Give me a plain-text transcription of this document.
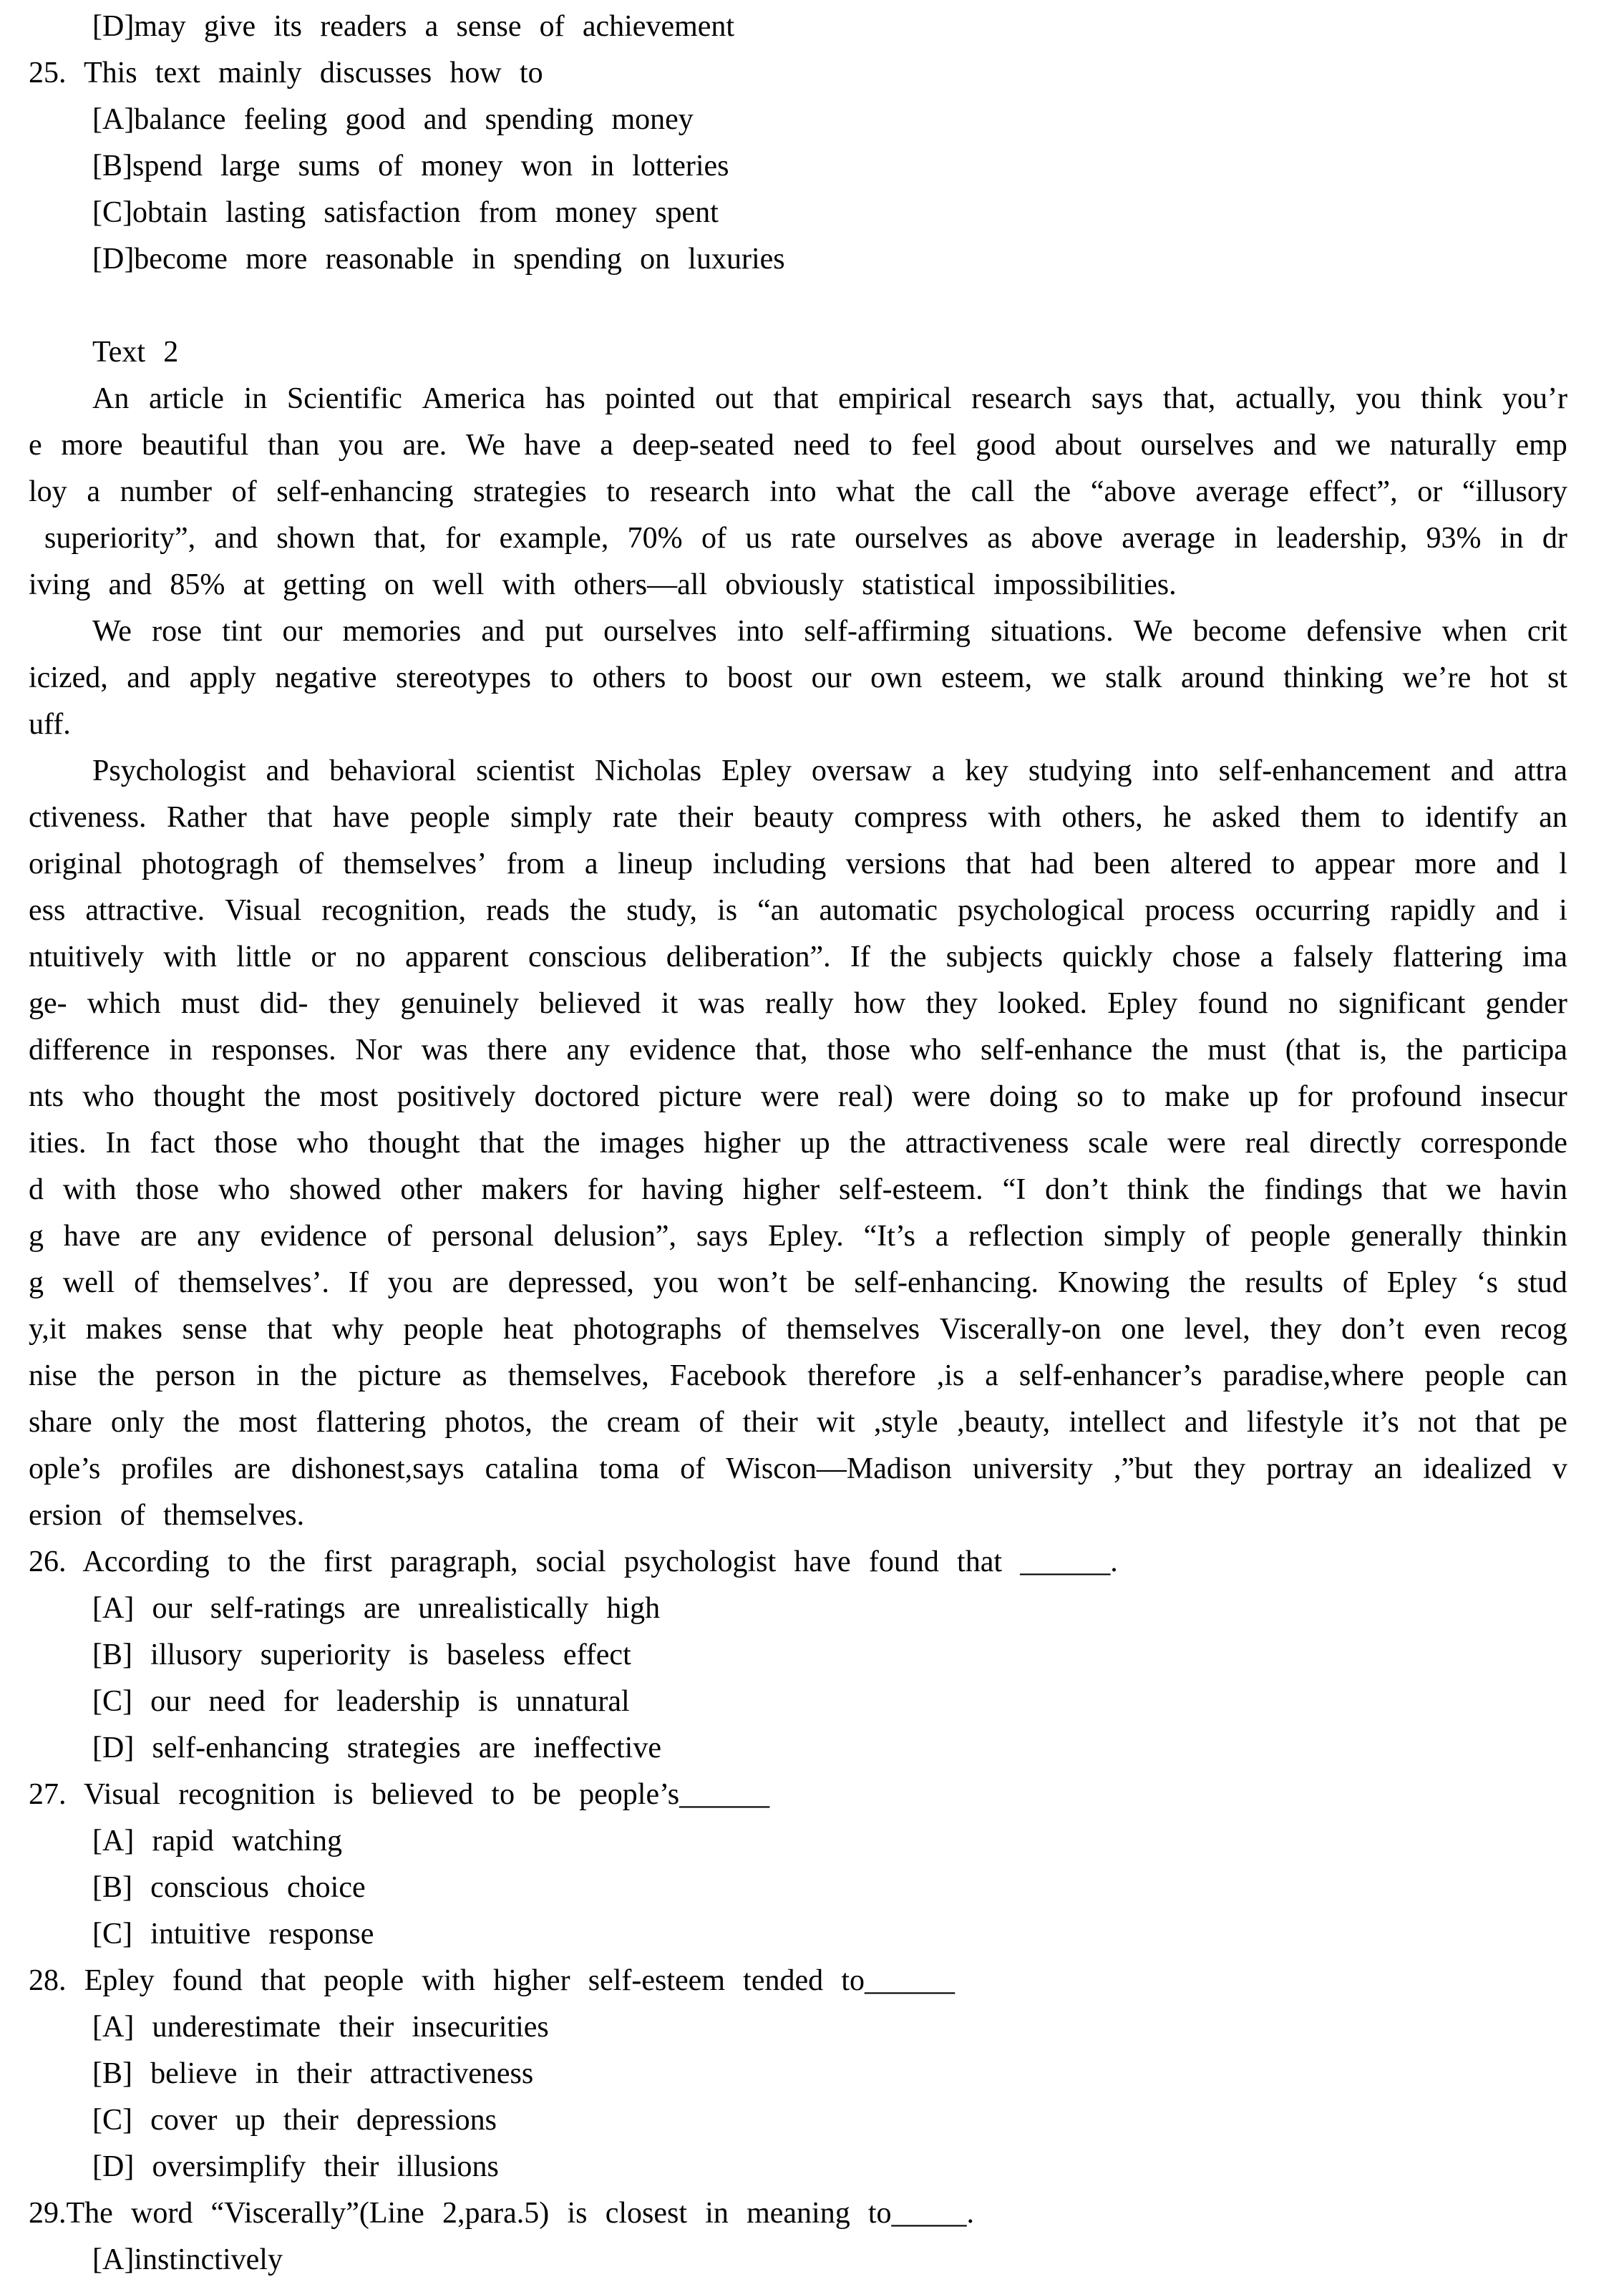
[D]may give its readers a sense of achievement
25. This text mainly discusses how to
[A]balance feeling good and spending money
[B]spend large sums of money won in lotteries
[C]obtain lasting satisfaction from money spent
[D]become more reasonable in spending on luxuries
Text 2
An article in Scientific America has pointed out that empirical research says that, actually, you think you’r
e more beautiful than you are. We have a deep-seated need to feel good about ourselves and we naturally emp
loy a number of self-enhancing strategies to research into what the call the “above average effect”, or “illusory
superiority”, and shown that, for example, 70% of us rate ourselves as above average in leadership, 93% in dr
iving and 85% at getting on well with others—all obviously statistical impossibilities.
We rose tint our memories and put ourselves into self-affirming situations. We become defensive when crit
icized, and apply negative stereotypes to others to boost our own esteem, we stalk around thinking we’re hot st
uff.
Psychologist and behavioral scientist Nicholas Epley oversaw a key studying into self-enhancement and attra
ctiveness. Rather that have people simply rate their beauty compress with others, he asked them to identify an
original photogragh of themselves’ from a lineup including versions that had been altered to appear more and l
ess attractive. Visual recognition, reads the study, is “an automatic psychological process occurring rapidly and i
ntuitively with little or no apparent conscious deliberation”. If the subjects quickly chose a falsely flattering ima
ge- which must did- they genuinely believed it was really how they looked. Epley found no significant gender
difference in responses. Nor was there any evidence that, those who self-enhance the must (that is, the participa
nts who thought the most positively doctored picture were real) were doing so to make up for profound insecur
ities. In fact those who thought that the images higher up the attractiveness scale were real directly corresponde
d with those who showed other makers for having higher self-esteem. “I don’t think the findings that we havin
g have are any evidence of personal delusion”, says Epley. “It’s a reflection simply of people generally thinkin
g well of themselves’. If you are depressed, you won’t be self-enhancing. Knowing the results of Epley ‘s stud
y,it makes sense that why people heat photographs of themselves Viscerally-on one level, they don’t even recog
nise the person in the picture as themselves, Facebook therefore ,is a self-enhancer’s paradise,where people can
share only the most flattering photos, the cream of their wit ,style ,beauty, intellect and lifestyle it’s not that pe
ople’s profiles are dishonest,says catalina toma of Wiscon—Madison university ,”but they portray an idealized v
ersion of themselves.
26. According to the first paragraph, social psychologist have found that ______.
[A] our self-ratings are unrealistically high
[B] illusory superiority is baseless effect
[C] our need for leadership is unnatural
[D] self-enhancing strategies are ineffective
27. Visual recognition is believed to be people’s______
[A] rapid watching
[B] conscious choice
[C] intuitive response
28. Epley found that people with higher self-esteem tended to______
[A] underestimate their insecurities
[B] believe in their attractiveness
[C] cover up their depressions
[D] oversimplify their illusions
29.The word “Viscerally”(Line 2,para.5) is closest in meaning to_____.
[A]instinctively
